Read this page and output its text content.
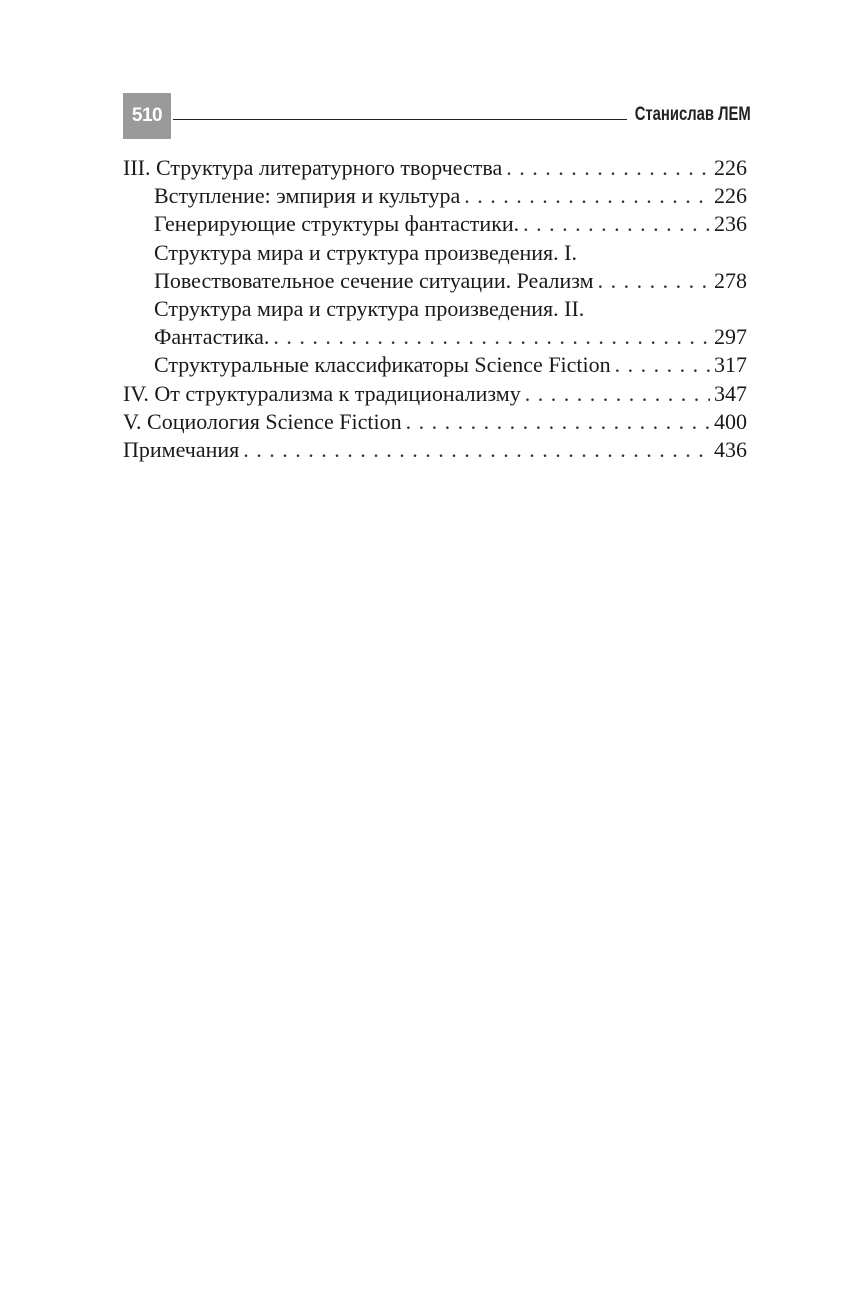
510	Станислав ЛЕМ
III. Структура литературного творчества . . .	226
Вступление: эмпирия и культура . . .	226
Генерирующие структуры фантастики. . . .	236
Структура мира и структура произведения. I.
Повествовательное сечение ситуации. Реализм . . .	278
Структура мира и структура произведения. II.
Фантастика. . . .	297
Структуральные классификаторы Science Fiction . . .	317
IV. От структурализма к традиционализму . . .	347
V. Социология Science Fiction . . .	400
Примечания . . .	436
